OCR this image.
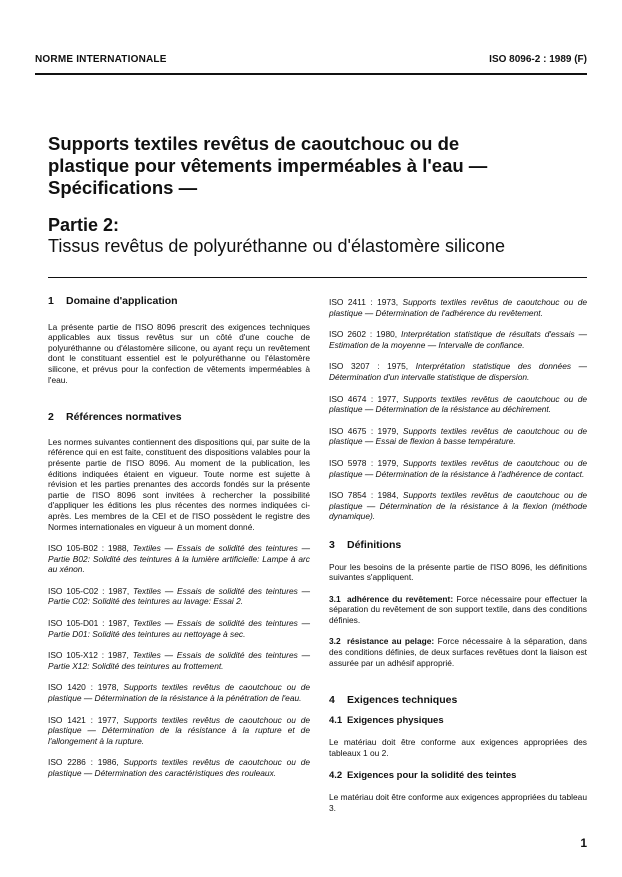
NORME INTERNATIONALE	ISO 8096-2 : 1989 (F)
Supports textiles revêtus de caoutchouc ou de
plastique pour vêtements imperméables à l'eau —
Spécifications —
Partie 2:
Tissus revêtus de polyuréthanne ou d'élastomère silicone
1 Domaine d'application
La présente partie de l'ISO 8096 prescrit des exigences techniques applicables aux tissus revêtus sur un côté d'une couche de polyuréthanne ou d'élastomère silicone, ou ayant reçu un revêtement dont le constituant essentiel est le polyuréthanne ou l'élastomère silicone, et prévus pour la confection de vêtements imperméables à l'eau.
2 Références normatives
Les normes suivantes contiennent des dispositions qui, par suite de la référence qui en est faite, constituent des dispositions valables pour la présente partie de l'ISO 8096. Au moment de la publication, les éditions indiquées étaient en vigueur. Toute norme est sujette à révision et les parties prenantes des accords fondés sur la présente partie de l'ISO 8096 sont invitées à rechercher la possibilité d'appliquer les éditions les plus récentes des normes indiquées ci-après. Les membres de la CEI et de l'ISO possèdent le registre des Normes internationales en vigueur à un moment donné.
ISO 105-B02 : 1988, Textiles — Essais de solidité des teintures — Partie B02: Solidité des teintures à la lumière artificielle: Lampe à arc au xénon.
ISO 105-C02 : 1987, Textiles — Essais de solidité des teintures — Partie C02: Solidité des teintures au lavage: Essai 2.
ISO 105-D01 : 1987, Textiles — Essais de solidité des teintures — Partie D01: Solidité des teintures au nettoyage à sec.
ISO 105-X12 : 1987, Textiles — Essais de solidité des teintures — Partie X12: Solidité des teintures au frottement.
ISO 1420 : 1978, Supports textiles revêtus de caoutchouc ou de plastique — Détermination de la résistance à la pénétration de l'eau.
ISO 1421 : 1977, Supports textiles revêtus de caoutchouc ou de plastique — Détermination de la résistance à la rupture et de l'allongement à la rupture.
ISO 2286 : 1986, Supports textiles revêtus de caoutchouc ou de plastique — Détermination des caractéristiques des rouleaux.
ISO 2411 : 1973, Supports textiles revêtus de caoutchouc ou de plastique — Détermination de l'adhérence du revêtement.
ISO 2602 : 1980, Interprétation statistique de résultats d'essais — Estimation de la moyenne — Intervalle de confiance.
ISO 3207 : 1975, Interprétation statistique des données — Détermination d'un intervalle statistique de dispersion.
ISO 4674 : 1977, Supports textiles revêtus de caoutchouc ou de plastique — Détermination de la résistance au déchirement.
ISO 4675 : 1979, Supports textiles revêtus de caoutchouc ou de plastique — Essai de flexion à basse température.
ISO 5978 : 1979, Supports textiles revêtus de caoutchouc ou de plastique — Détermination de la résistance à l'adhérence de contact.
ISO 7854 : 1984, Supports textiles revêtus de caoutchouc ou de plastique — Détermination de la résistance à la flexion (méthode dynamique).
3 Définitions
Pour les besoins de la présente partie de l'ISO 8096, les définitions suivantes s'appliquent.
3.1 adhérence du revêtement: Force nécessaire pour effectuer la séparation du revêtement de son support textile, dans des conditions définies.
3.2 résistance au pelage: Force nécessaire à la séparation, dans des conditions définies, de deux surfaces revêtues dont la liaison est assurée par un adhésif approprié.
4 Exigences techniques
4.1 Exigences physiques
Le matériau doit être conforme aux exigences appropriées des tableaux 1 ou 2.
4.2 Exigences pour la solidité des teintes
Le matériau doit être conforme aux exigences appropriées du tableau 3.
1
